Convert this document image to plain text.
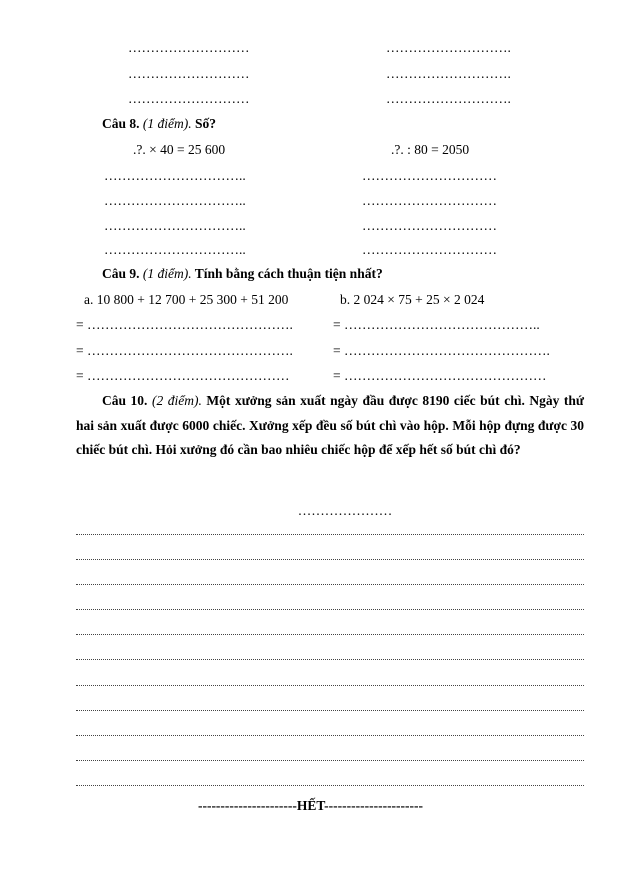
………………………
………………………
………………………
……………………….
……………………….
……………………….
Câu 8. (1 điểm). Số?
.?. × 40 = 25 600	.?. : 80 = 2050
…………………………..
…………………………..
…………………………..
…………………………..
…………………………
…………………………
…………………………
…………………………
Câu 9. (1 điểm). Tính bằng cách thuận tiện nhất?
a. 10 800 + 12 700 + 25 300 + 51 200	b. 2 024 × 75 + 25 × 2 024
= ……………………………………….
= ……………………………………….
= ………………………………………
= ……………………………………..
= ……………………………………….
= ………………………………………
Câu 10. (2 điểm). Một xưởng sản xuất ngày đầu được 8190 ciếc bút chì. Ngày thứ hai sản xuất được 6000 chiếc. Xưởng xếp đều số bút chì vào hộp. Mỗi hộp đựng được 30 chiếc bút chì. Hỏi xưởng đó cần bao nhiêu chiếc hộp để xếp hết số bút chì đó?
…………………
----------------------HẾT----------------------
